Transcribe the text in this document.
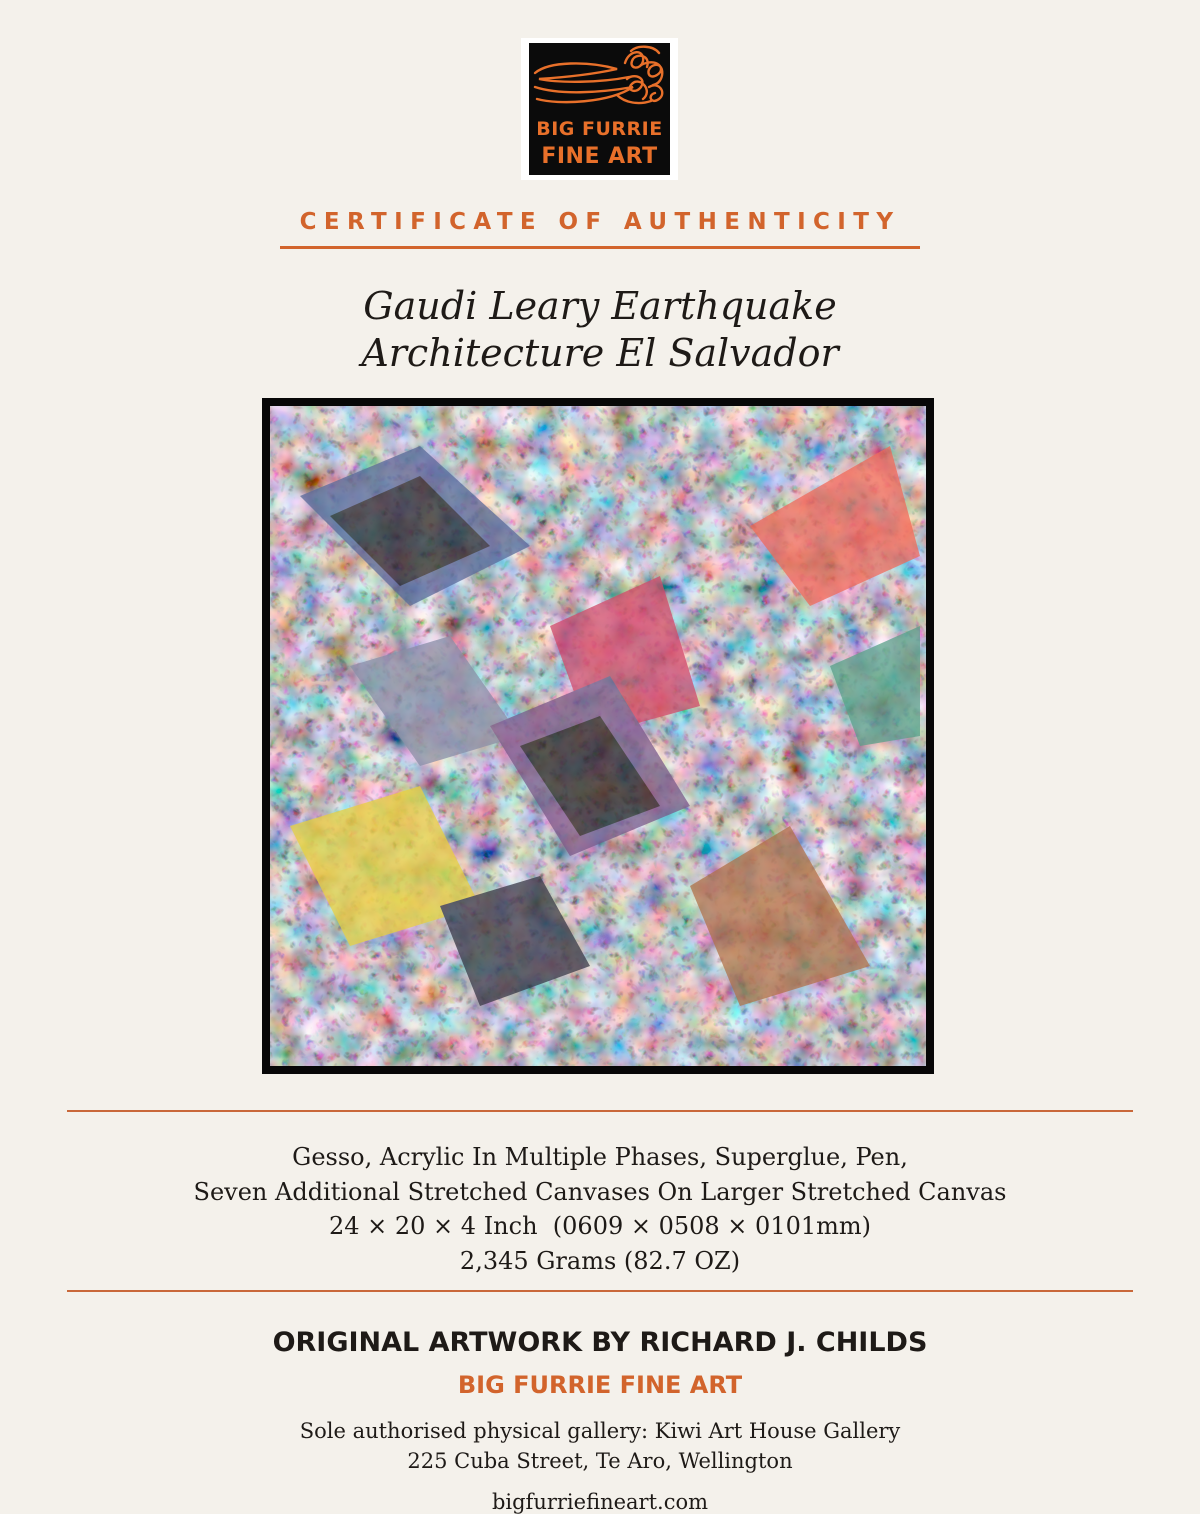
BIG FURRIE
FINE ART
CERTIFICATE OF AUTHENTICITY
Gaudi Leary Earthquake
Architecture El Salvador
Gesso, Acrylic In Multiple Phases, Superglue, Pen,
Seven Additional Stretched Canvases On Larger Stretched Canvas
24 × 20 × 4 Inch  (0609 × 0508 × 0101mm)
2,345 Grams (82.7 OZ)
ORIGINAL ARTWORK BY RICHARD J. CHILDS
BIG FURRIE FINE ART
Sole authorised physical gallery: Kiwi Art House Gallery
225 Cuba Street, Te Aro, Wellington
bigfurriefineart.com
